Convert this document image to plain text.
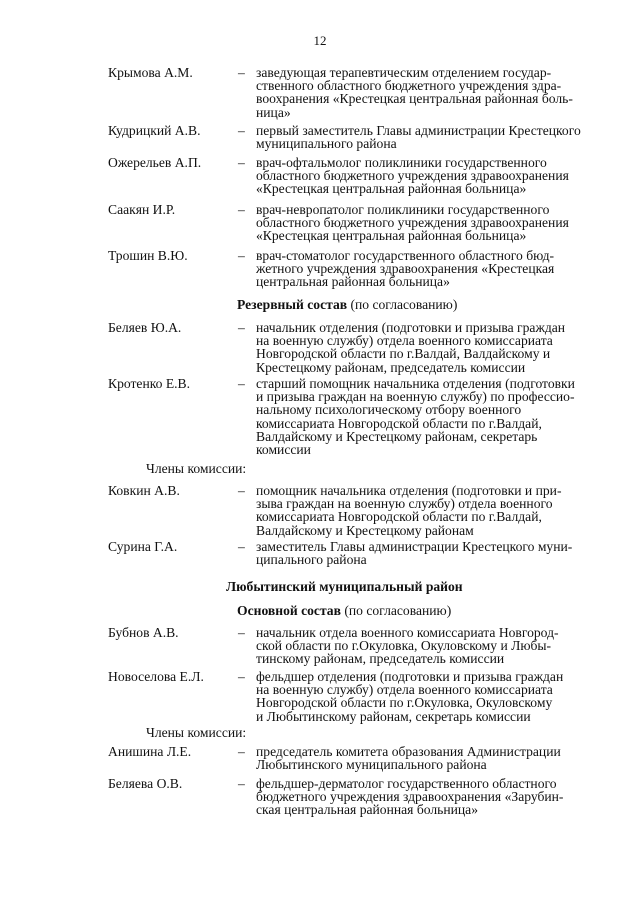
12
Крымова А.М.	– заведующая терапевтическим отделением государ-
ственного областного бюджетного учреждения здра-
воохранения «Крестецкая центральная районная боль-
ница»
Кудрицкий А.В.	– первый заместитель Главы администрации Крестецкого
муниципального района
Ожерельев А.П.	– врач-офтальмолог поликлиники государственного
областного бюджетного учреждения здравоохранения
«Крестецкая центральная районная больница»
Саакян И.Р.	– врач-невропатолог поликлиники государственного
областного бюджетного учреждения здравоохранения
«Крестецкая центральная районная больница»
Трошин В.Ю.	– врач-стоматолог государственного областного бюд-
жетного учреждения здравоохранения «Крестецкая
центральная районная больница»
Беляев Ю.А.	– начальник отделения (подготовки и призыва граждан
на военную службу) отдела военного комиссариата
Новгородской области по г.Валдай, Валдайскому и
Крестецкому районам, председатель комиссии
Кротенко Е.В.	– старший помощник начальника отделения (подготовки
и призыва граждан на военную службу) по профессио-
нальному психологическому отбору военного
комиссариата Новгородской области по г.Валдай,
Валдайскому и Крестецкому районам, секретарь
комиссии
Ковкин А.В.	– помощник начальника отделения (подготовки и при-
зыва граждан на военную службу) отдела военного
комиссариата Новгородской области по г.Валдай,
Валдайскому и Крестецкому районам
Сурина Г.А.	– заместитель Главы администрации Крестецкого муни-
ципального района
Бубнов А.В.	– начальник отдела военного комиссариата Новгород-
ской области по г.Окуловка, Окуловскому и Любы-
тинскому районам, председатель комиссии
Новоселова Е.Л.	– фельдшер отделения (подготовки и призыва граждан
на военную службу) отдела военного комиссариата
Новгородской области по г.Окуловка, Окуловскому
и Любытинскому районам, секретарь комиссии
Анишина Л.Е.	– председатель комитета образования Администрации
Любытинского муниципального района
Беляева О.В.	– фельдшер-дерматолог государственного областного
бюджетного учреждения здравоохранения «Зарубин-
ская центральная районная больница»
Резервный состав (по согласованию)
Члены комиссии:
Любытинский муниципальный район
Основной состав (по согласованию)
Члены комиссии:
